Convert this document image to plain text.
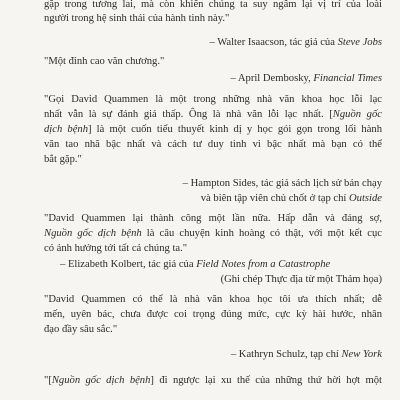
gặp trong tương lai, mà còn khiến chúng ta suy ngẫm lại vị trí của loài
người trong hệ sinh thái của hành tinh này."
– Walter Isaacson, tác giả của Steve Jobs
"Một đỉnh cao văn chương."
– April Dembosky, Financial Times
"Gọi David Quammen là một trong những nhà văn khoa học lỗi lạc
nhất vẫn là sự đánh giá thấp. Ông là nhà văn lỗi lạc nhất. [Nguồn gốc
dịch bệnh] là một cuốn tiểu thuyết kinh dị y học gói gọn trong lối hành
văn tao nhã bậc nhất và cách tư duy tinh vi bậc nhất mà bạn có thể
bắt gặp."
– Hampton Sides, tác giả sách lịch sử bán chạy
và biên tập viên chủ chốt ở tạp chí Outside
"David Quammen lại thành công một lần nữa. Hấp dẫn và đáng sợ,
Nguồn gốc dịch bệnh là câu chuyện kinh hoàng có thật, với một kết cục
có ảnh hưởng tới tất cả chúng ta."
– Elizabeth Kolbert, tác giả của Field Notes from a Catastrophe
(Ghi chép Thực địa từ một Thảm họa)
"David Quammen có thể là nhà văn khoa học tôi ưa thích nhất; dễ
mến, uyên bác, chưa được coi trọng đúng mức, cực kỳ hài hước, nhân
đạo đầy sâu sắc."
– Kathryn Schulz, tạp chí New York
"[Nguồn gốc dịch bệnh] đi ngược lại xu thế của những thứ hời hợt một
